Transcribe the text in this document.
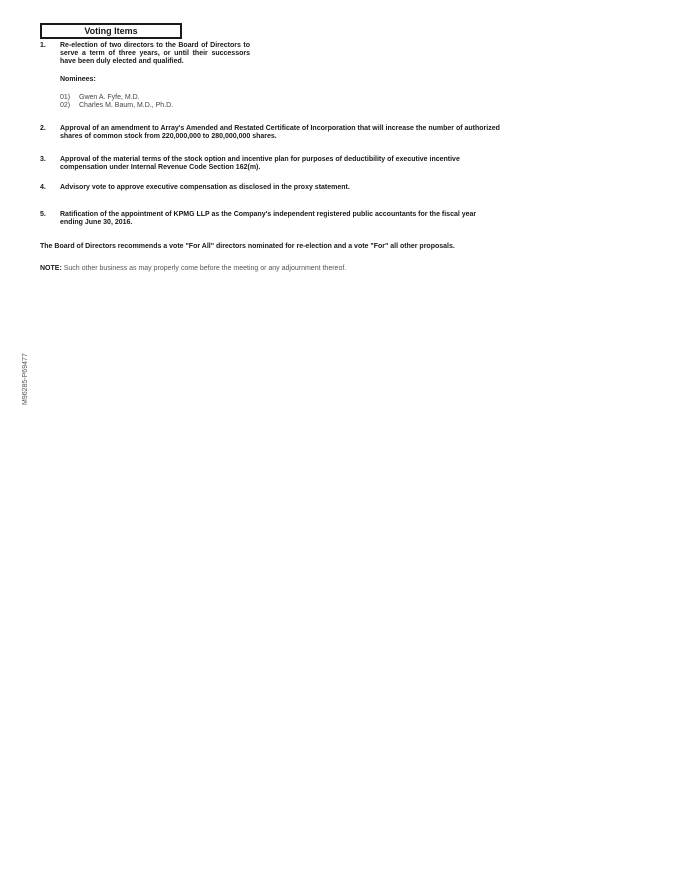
Voting Items
1. Re-election of two directors to the Board of Directors to serve a term of three years, or until their successors have been duly elected and qualified.
Nominees:
01) Gwen A. Fyfe, M.D.
02) Charles M. Baum, M.D., Ph.D.
2. Approval of an amendment to Array's Amended and Restated Certificate of Incorporation that will increase the number of authorized shares of common stock from 220,000,000 to 280,000,000 shares.
3. Approval of the material terms of the stock option and incentive plan for purposes of deductibility of executive incentive compensation under Internal Revenue Code Section 162(m).
4. Advisory vote to approve executive compensation as disclosed in the proxy statement.
5. Ratification of the appointment of KPMG LLP as the Company's independent registered public accountants for the fiscal year ending June 30, 2016.
The Board of Directors recommends a vote "For All" directors nominated for re-election and a vote "For" all other proposals.
NOTE: Such other business as may properly come before the meeting or any adjournment thereof.
M96285-P69477
